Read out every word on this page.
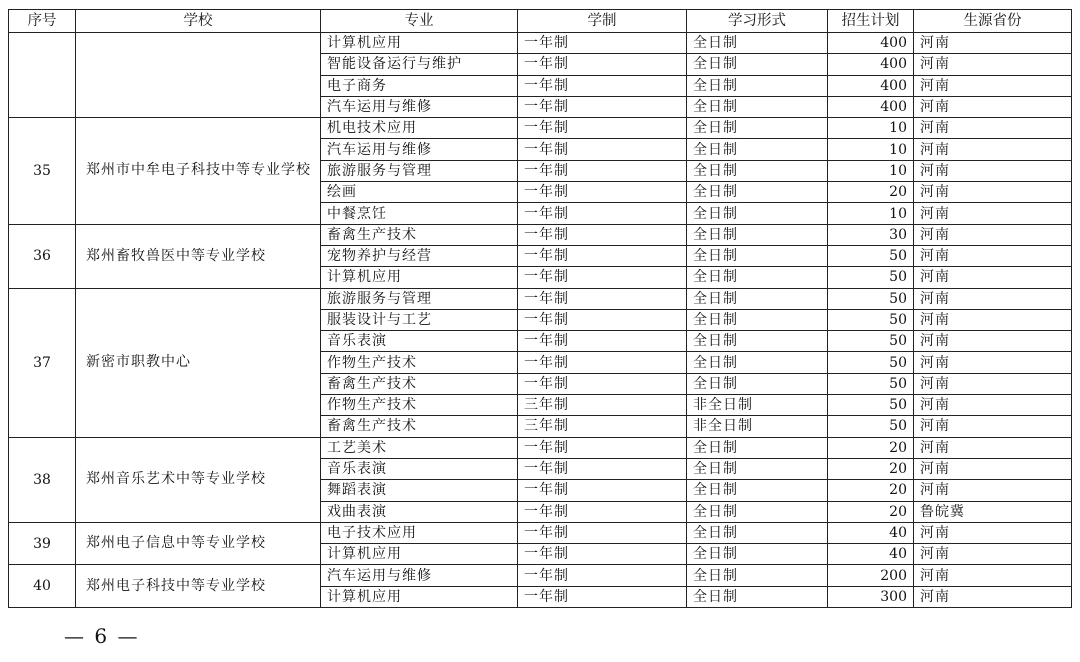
序号	学校	专业	学制	学习形式	招生计划	生源省份
		计算机应用	一年制	全日制	400	河南
		智能设备运行与维护	一年制	全日制	400	河南
		电子商务	一年制	全日制	400	河南
		汽车运用与维修	一年制	全日制	400	河南
35	郑州市中牟电子科技中等专业学校	机电技术应用	一年制	全日制	10	河南
		汽车运用与维修	一年制	全日制	10	河南
		旅游服务与管理	一年制	全日制	10	河南
		绘画	一年制	全日制	20	河南
		中餐烹饪	一年制	全日制	10	河南
36	郑州畜牧兽医中等专业学校	畜禽生产技术	一年制	全日制	30	河南
		宠物养护与经营	一年制	全日制	50	河南
		计算机应用	一年制	全日制	50	河南
37	新密市职教中心	旅游服务与管理	一年制	全日制	50	河南
		服装设计与工艺	一年制	全日制	50	河南
		音乐表演	一年制	全日制	50	河南
		作物生产技术	一年制	全日制	50	河南
		畜禽生产技术	一年制	全日制	50	河南
		作物生产技术	三年制	非全日制	50	河南
		畜禽生产技术	三年制	非全日制	50	河南
38	郑州音乐艺术中等专业学校	工艺美术	一年制	全日制	20	河南
		音乐表演	一年制	全日制	20	河南
		舞蹈表演	一年制	全日制	20	河南
		戏曲表演	一年制	全日制	20	鲁皖冀
39	郑州电子信息中等专业学校	电子技术应用	一年制	全日制	40	河南
		计算机应用	一年制	全日制	40	河南
40	郑州电子科技中等专业学校	汽车运用与维修	一年制	全日制	200	河南
		计算机应用	一年制	全日制	300	河南
— 6 —
